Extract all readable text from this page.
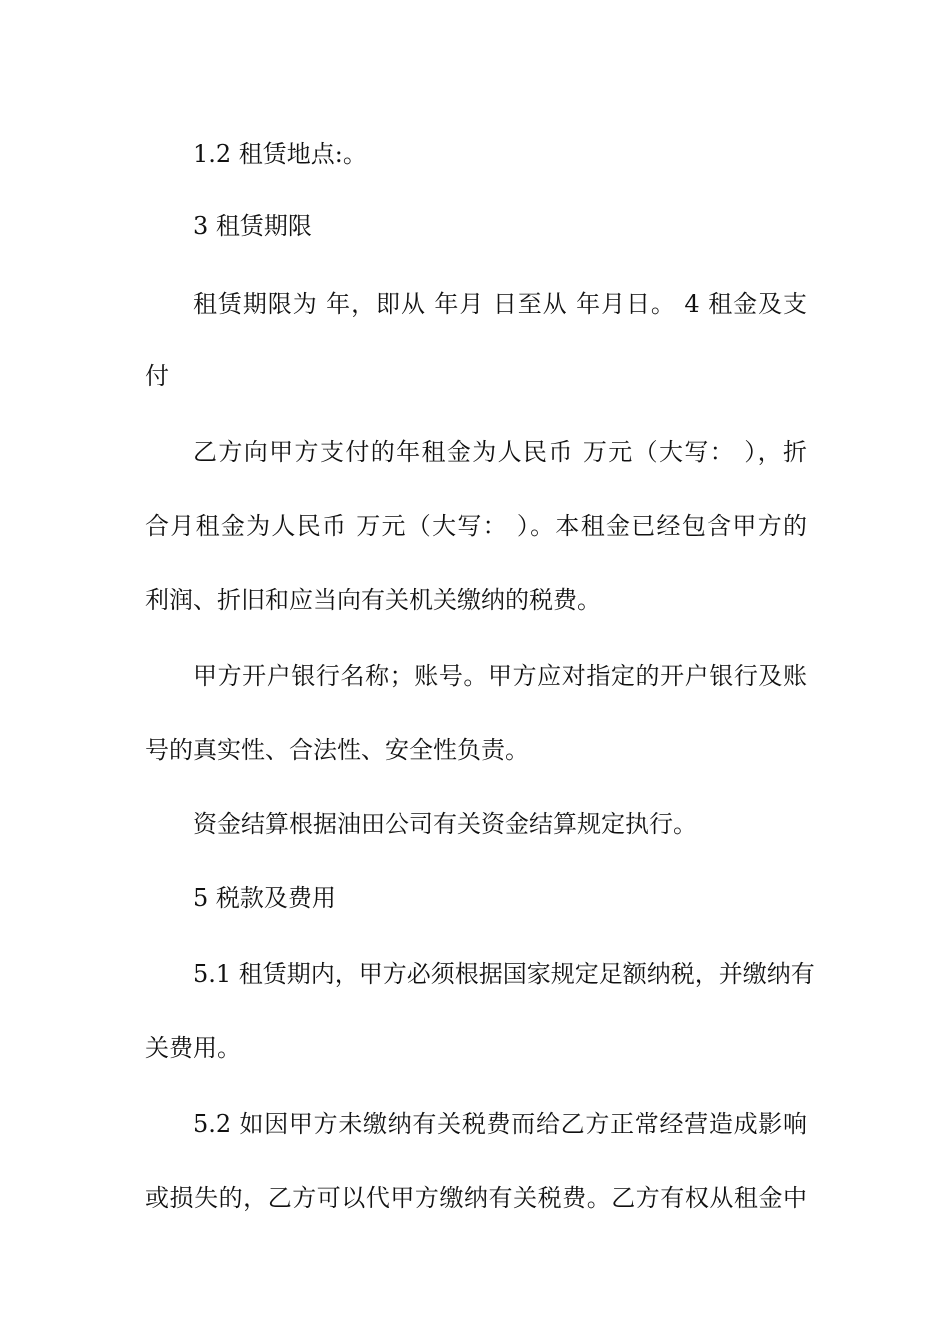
1.2 租赁地点:。
3 租赁期限
租赁期限为 年，即从 年月 日至从 年月日。 4 租金及支
付
乙方向甲方支付的年租金为人民币 万元（大写： ），折
合月租金为人民币 万元（大写： ）。本租金已经包含甲方的
利润、折旧和应当向有关机关缴纳的税费。
甲方开户银行名称；账号。甲方应对指定的开户银行及账
号的真实性、合法性、安全性负责。
资金结算根据油田公司有关资金结算规定执行。
5 税款及费用
5.1 租赁期内，甲方必须根据国家规定足额纳税，并缴纳有
关费用。
5.2 如因甲方未缴纳有关税费而给乙方正常经营造成影响
或损失的，乙方可以代甲方缴纳有关税费。乙方有权从租金中
